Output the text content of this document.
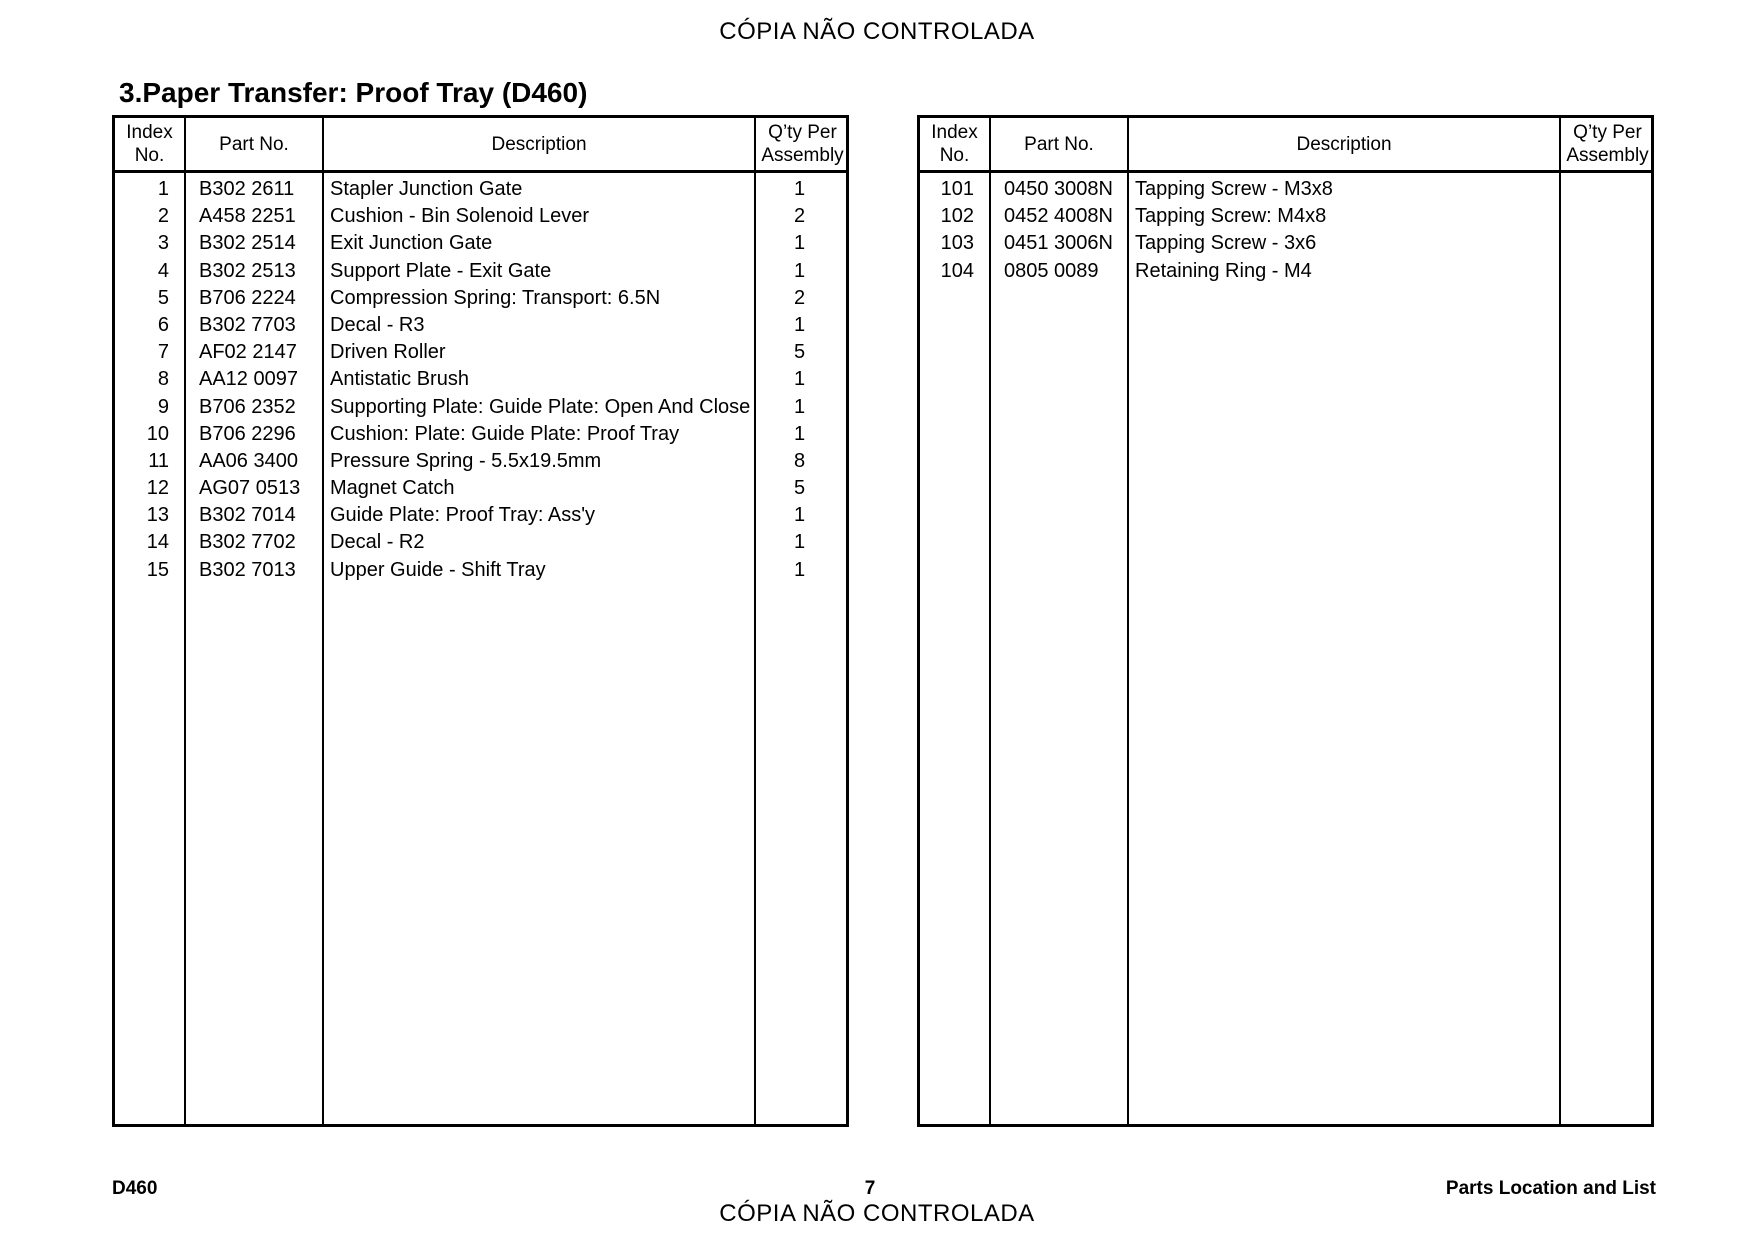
CÓPIA NÃO CONTROLADA
3.Paper Transfer: Proof Tray (D460)
Index
No.
1
2
3
4
5
6
7
8
9
10
11
12
13
14
15
Part No.
B302 2611
A458 2251
B302 2514
B302 2513
B706 2224
B302 7703
AF02 2147
AA12 0097
B706 2352
B706 2296
AA06 3400
AG07 0513
B302 7014
B302 7702
B302 7013
Description
Stapler Junction Gate
Cushion - Bin Solenoid Lever
Exit Junction Gate
Support Plate - Exit Gate
Compression Spring: Transport: 6.5N
Decal - R3
Driven Roller
Antistatic Brush
Supporting Plate: Guide Plate: Open And Close
Cushion: Plate: Guide Plate: Proof Tray
Pressure Spring - 5.5x19.5mm
Magnet Catch
Guide Plate: Proof Tray: Ass'y
Decal - R2
Upper Guide - Shift Tray
Q’ty Per
Assembly
1
2
1
1
2
1
5
1
1
1
8
5
1
1
1
Index
No.
101
102
103
104
Part No.
0450 3008N
0452 4008N
0451 3006N
0805 0089
Description
Tapping Screw - M3x8
Tapping Screw: M4x8
Tapping Screw - 3x6
Retaining Ring - M4
Q’ty Per
Assembly
D460	7	Parts Location and List
CÓPIA NÃO CONTROLADA
